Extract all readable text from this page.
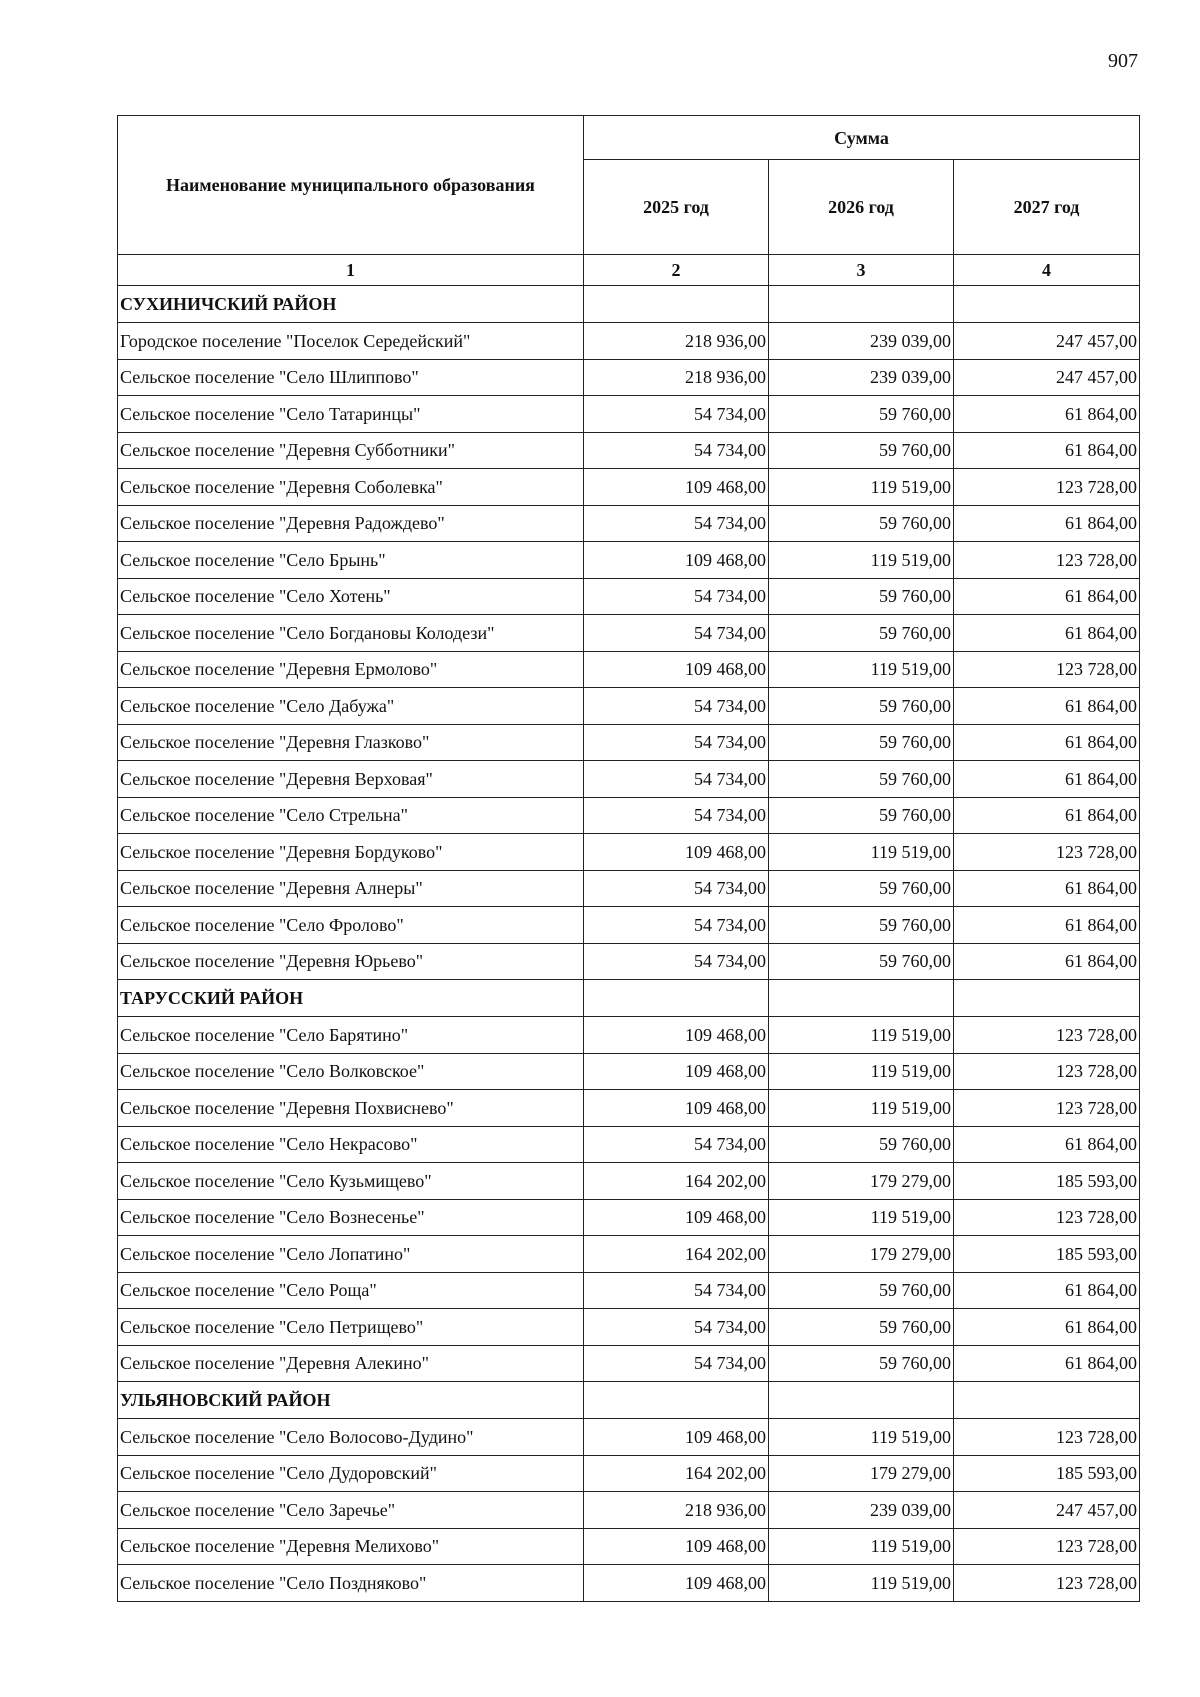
907
Наименование муниципального образования	Сумма		
	2025 год	2026 год	2027 год
1	2	3	4
СУХИНИЧСКИЙ РАЙОН			
Городское поселение "Поселок Середейский"	218 936,00	239 039,00	247 457,00
Сельское поселение "Село Шлиппово"	218 936,00	239 039,00	247 457,00
Сельское поселение "Село Татаринцы"	54 734,00	59 760,00	61 864,00
Сельское поселение "Деревня Субботники"	54 734,00	59 760,00	61 864,00
Сельское поселение "Деревня Соболевка"	109 468,00	119 519,00	123 728,00
Сельское поселение "Деревня Радождево"	54 734,00	59 760,00	61 864,00
Сельское поселение "Село Брынь"	109 468,00	119 519,00	123 728,00
Сельское поселение "Село Хотень"	54 734,00	59 760,00	61 864,00
Сельское поселение "Село Богдановы Колодези"	54 734,00	59 760,00	61 864,00
Сельское поселение "Деревня Ермолово"	109 468,00	119 519,00	123 728,00
Сельское поселение "Село Дабужа"	54 734,00	59 760,00	61 864,00
Сельское поселение "Деревня Глазково"	54 734,00	59 760,00	61 864,00
Сельское поселение "Деревня Верховая"	54 734,00	59 760,00	61 864,00
Сельское поселение "Село Стрельна"	54 734,00	59 760,00	61 864,00
Сельское поселение "Деревня Бордуково"	109 468,00	119 519,00	123 728,00
Сельское поселение "Деревня Алнеры"	54 734,00	59 760,00	61 864,00
Сельское поселение "Село Фролово"	54 734,00	59 760,00	61 864,00
Сельское поселение "Деревня Юрьево"	54 734,00	59 760,00	61 864,00
ТАРУССКИЙ РАЙОН			
Сельское поселение "Село Барятино"	109 468,00	119 519,00	123 728,00
Сельское поселение "Село Волковское"	109 468,00	119 519,00	123 728,00
Сельское поселение "Деревня Похвиснево"	109 468,00	119 519,00	123 728,00
Сельское поселение "Село Некрасово"	54 734,00	59 760,00	61 864,00
Сельское поселение "Село Кузьмищево"	164 202,00	179 279,00	185 593,00
Сельское поселение "Село Вознесенье"	109 468,00	119 519,00	123 728,00
Сельское поселение "Село Лопатино"	164 202,00	179 279,00	185 593,00
Сельское поселение "Село Роща"	54 734,00	59 760,00	61 864,00
Сельское поселение "Село Петрищево"	54 734,00	59 760,00	61 864,00
Сельское поселение "Деревня Алекино"	54 734,00	59 760,00	61 864,00
УЛЬЯНОВСКИЙ РАЙОН			
Сельское поселение "Село Волосово-Дудино"	109 468,00	119 519,00	123 728,00
Сельское поселение "Село Дудоровский"	164 202,00	179 279,00	185 593,00
Сельское поселение "Село Заречье"	218 936,00	239 039,00	247 457,00
Сельское поселение "Деревня Мелихово"	109 468,00	119 519,00	123 728,00
Сельское поселение "Село Поздняково"	109 468,00	119 519,00	123 728,00
